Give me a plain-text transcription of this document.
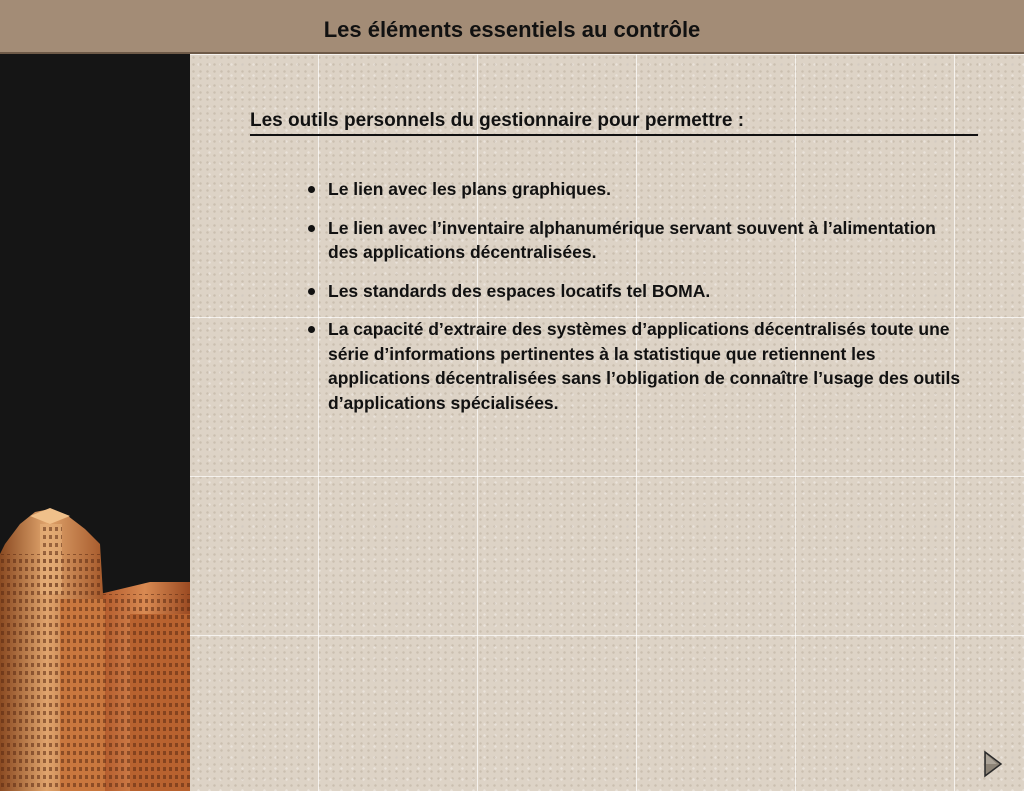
Les éléments essentiels au contrôle
Les outils personnels du gestionnaire pour permettre :
Le lien avec les plans graphiques.
Le lien avec l’inventaire alphanumérique servant souvent à l’alimentation des applications décentralisées.
Les standards des espaces locatifs tel BOMA.
La capacité d’extraire des systèmes d’applications décentralisés toute une série d’informations pertinentes à la statistique que retiennent les applications décentralisées sans l’obligation de connaître l’usage des outils d’applications spécialisées.
